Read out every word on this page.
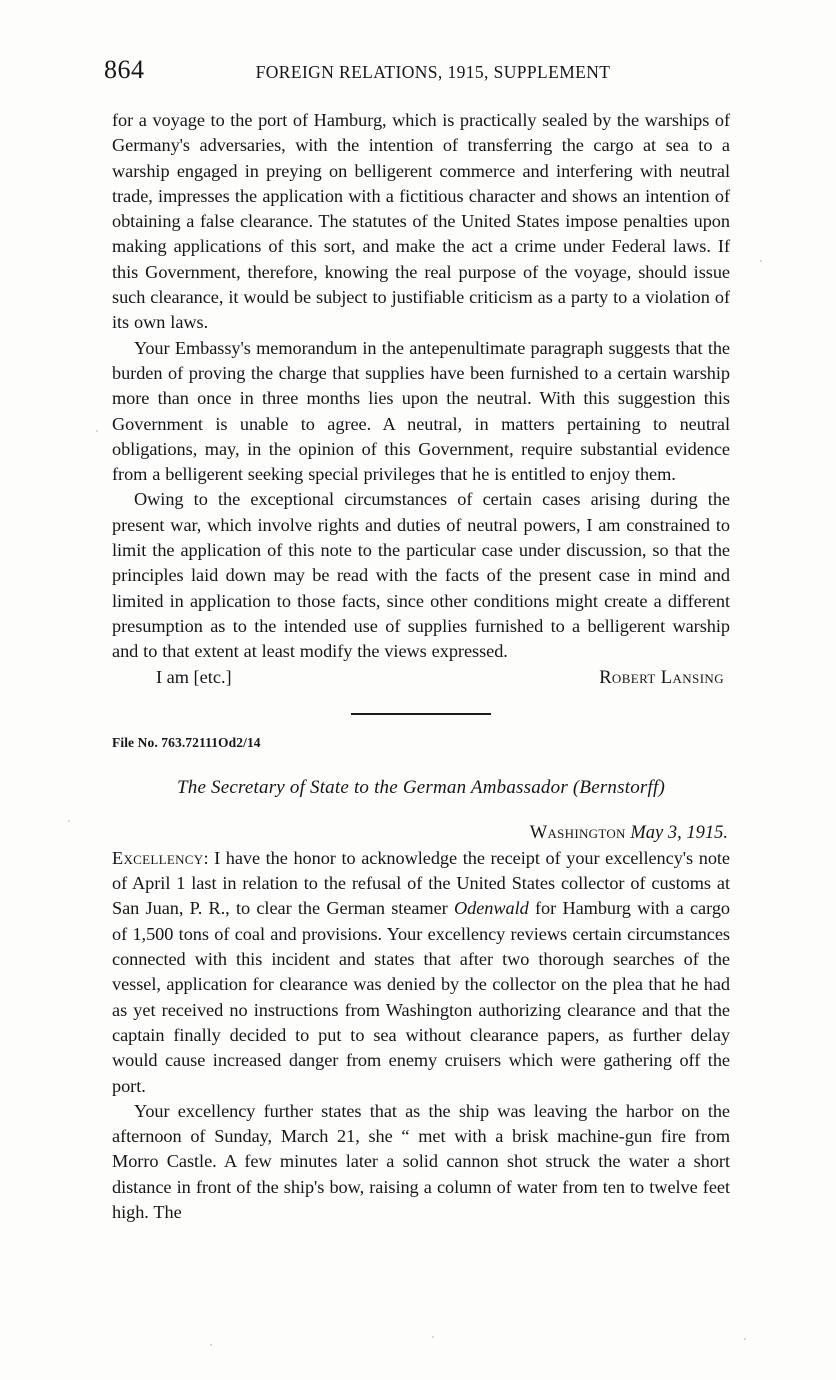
864	FOREIGN RELATIONS, 1915, SUPPLEMENT

for a voyage to the port of Hamburg, which is practically sealed by the warships of Germany's adversaries, with the intention of transferring the cargo at sea to a warship engaged in preying on belligerent commerce and interfering with neutral trade, impresses the application with a fictitious character and shows an intention of obtaining a false clearance. The statutes of the United States impose penalties upon making applications of this sort, and make the act a crime under Federal laws. If this Government, therefore, knowing the real purpose of the voyage, should issue such clearance, it would be subject to justifiable criticism as a party to a violation of its own laws.

Your Embassy's memorandum in the antepenultimate paragraph suggests that the burden of proving the charge that supplies have been furnished to a certain warship more than once in three months lies upon the neutral. With this suggestion this Government is unable to agree. A neutral, in matters pertaining to neutral obligations, may, in the opinion of this Government, require substantial evidence from a belligerent seeking special privileges that he is entitled to enjoy them.

Owing to the exceptional circumstances of certain cases arising during the present war, which involve rights and duties of neutral powers, I am constrained to limit the application of this note to the particular case under discussion, so that the principles laid down may be read with the facts of the present case in mind and limited in application to those facts, since other conditions might create a different presumption as to the intended use of supplies furnished to a belligerent warship and to that extent at least modify the views expressed.

I am [etc.]	Robert Lansing
File No. 763.72111Od2/14
The Secretary of State to the German Ambassador (Bernstorff)
Washington May 3, 1915.

Excellency: I have the honor to acknowledge the receipt of your excellency's note of April 1 last in relation to the refusal of the United States collector of customs at San Juan, P. R., to clear the German steamer Odenwald for Hamburg with a cargo of 1,500 tons of coal and provisions. Your excellency reviews certain circumstances connected with this incident and states that after two thorough searches of the vessel, application for clearance was denied by the collector on the plea that he had as yet received no instructions from Washington authorizing clearance and that the captain finally decided to put to sea without clearance papers, as further delay would cause increased danger from enemy cruisers which were gathering off the port.

Your excellency further states that as the ship was leaving the harbor on the afternoon of Sunday, March 21, she “ met with a brisk machine-gun fire from Morro Castle. A few minutes later a solid cannon shot struck the water a short distance in front of the ship's bow, raising a column of water from ten to twelve feet high. The
